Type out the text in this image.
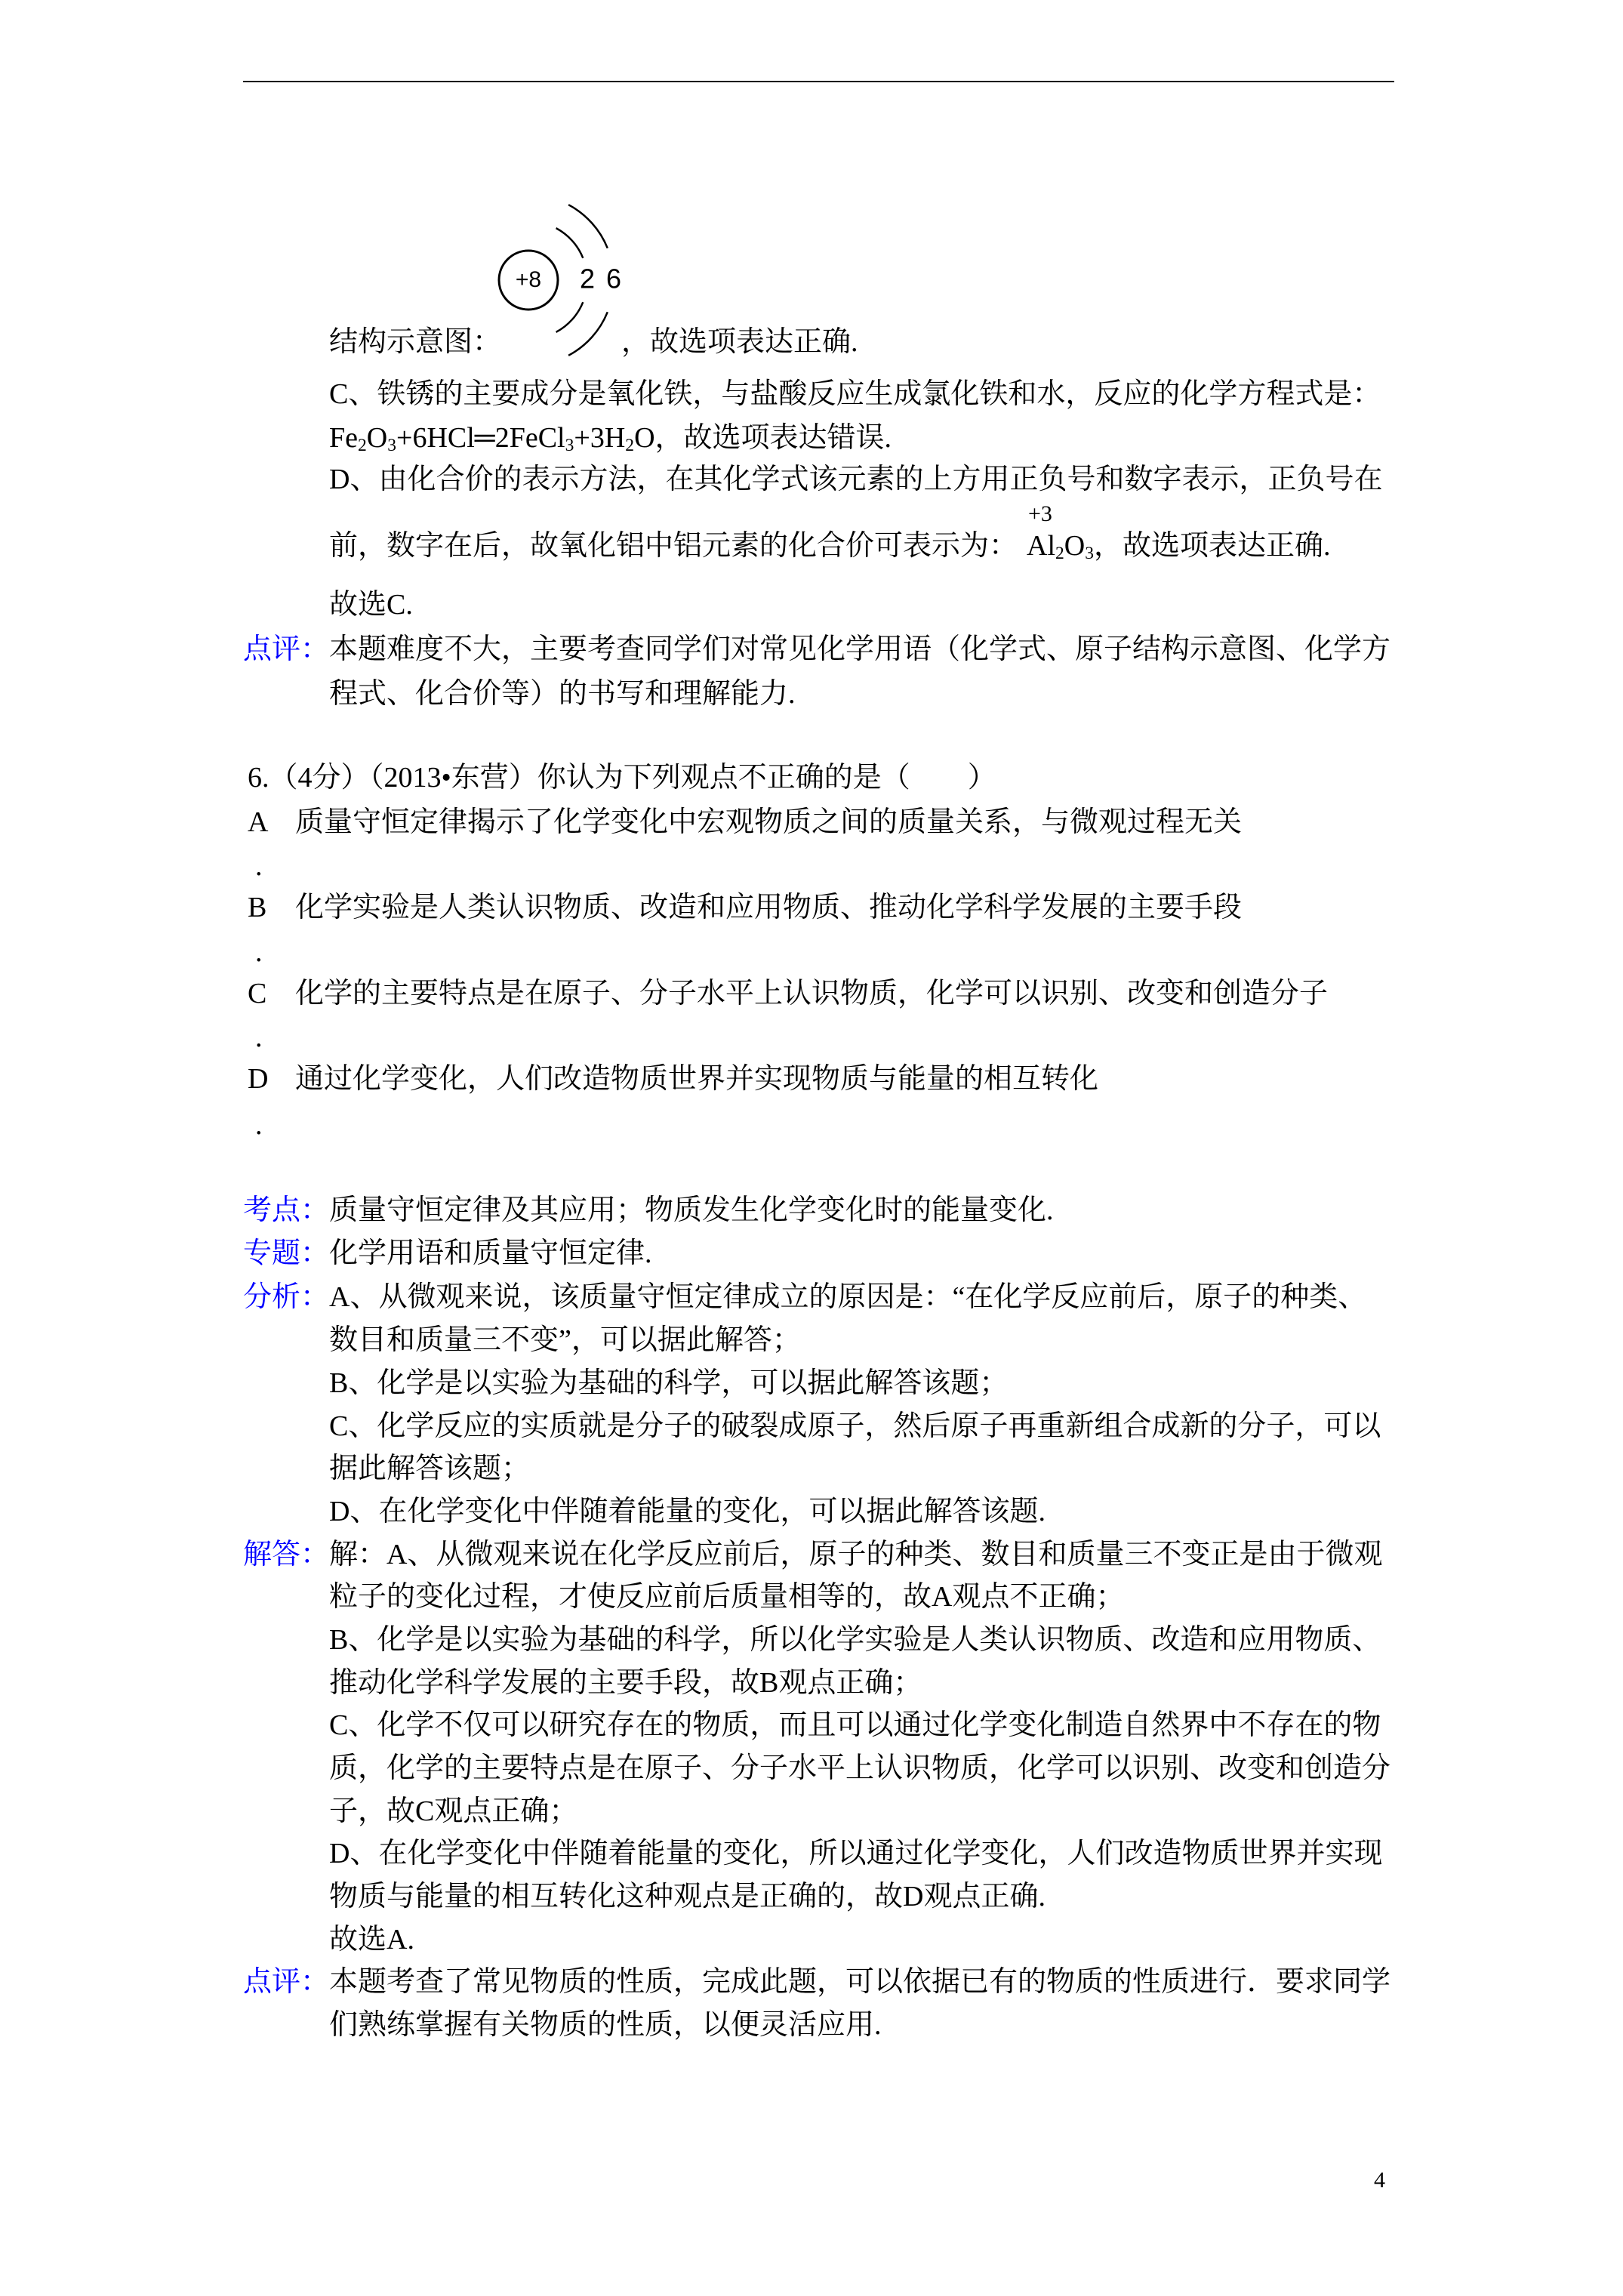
结构示意图：
+8 2 6
，故选项表达正确.
C、铁锈的主要成分是氧化铁，与盐酸反应生成氯化铁和水，反应的化学方程式是：
$Fe_2O_3+6HCl═2FeCl_3+3H_2O$，故选项表达错误.
D、由化合价的表示方法，在其化学式该元素的上方用正负号和数字表示，正负号在
前，数字在后，故氧化铝中铝元素的化合价可表示为：
+3
$Al_2O_3$，故选项表达正确.
故选C.
点评： 本题难度不大，主要考查同学们对常见化学用语（化学式、原子结构示意图、化学方
程式、化合价等）的书写和理解能力.
6.（4分）（2013•东营）你认为下列观点不正确的是（　　）
A 质量守恒定律揭示了化学变化中宏观物质之间的质量关系，与微观过程无关
.
B 化学实验是人类认识物质、改造和应用物质、推动化学科学发展的主要手段
.
C 化学的主要特点是在原子、分子水平上认识物质，化学可以识别、改变和创造分子
.
D 通过化学变化，人们改造物质世界并实现物质与能量的相互转化
.
考点： 质量守恒定律及其应用；物质发生化学变化时的能量变化.
专题： 化学用语和质量守恒定律.
分析： A、从微观来说，该质量守恒定律成立的原因是：“在化学反应前后，原子的种类、
数目和质量三不变”，可以据此解答；
B、化学是以实验为基础的科学，可以据此解答该题；
C、化学反应的实质就是分子的破裂成原子，然后原子再重新组合成新的分子，可以
据此解答该题；
D、在化学变化中伴随着能量的变化，可以据此解答该题.
解答： 解：A、从微观来说在化学反应前后，原子的种类、数目和质量三不变正是由于微观
粒子的变化过程，才使反应前后质量相等的，故A观点不正确；
B、化学是以实验为基础的科学，所以化学实验是人类认识物质、改造和应用物质、
推动化学科学发展的主要手段，故B观点正确；
C、化学不仅可以研究存在的物质，而且可以通过化学变化制造自然界中不存在的物
质，化学的主要特点是在原子、分子水平上认识物质，化学可以识别、改变和创造分
子，故C观点正确；
D、在化学变化中伴随着能量的变化，所以通过化学变化，人们改造物质世界并实现
物质与能量的相互转化这种观点是正确的，故D观点正确.
故选A.
点评： 本题考查了常见物质的性质，完成此题，可以依据已有的物质的性质进行．要求同学
们熟练掌握有关物质的性质，以便灵活应用.
4
